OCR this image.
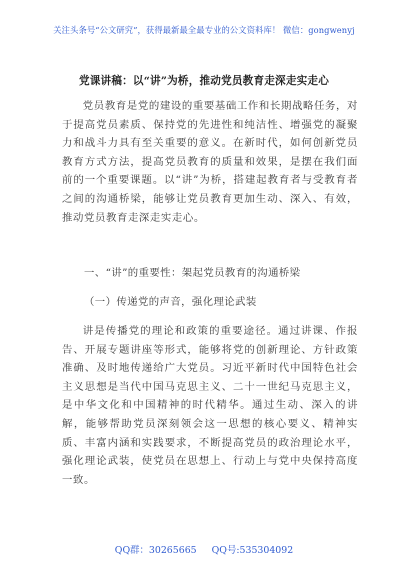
关注头条号“公文研究”，获得最新最全最专业的公文资料库！ 微信：gongwenyj
党课讲稿：以“讲”为桥，推动党员教育走深走实走心

党员教育是党的建设的重要基础工作和长期战略任务，对于提高党员素质、保持党的先进性和纯洁性、增强党的凝聚力和战斗力具有至关重要的意义。在新时代，如何创新党员教育方式方法，提高党员教育的质量和效果，是摆在我们面前的一个重要课题。以“讲”为桥，搭建起教育者与受教育者之间的沟通桥梁，能够让党员教育更加生动、深入、有效，推动党员教育走深走实走心。

一、“讲”的重要性：架起党员教育的沟通桥梁
（一）传递党的声音，强化理论武装

讲是传播党的理论和政策的重要途径。通过讲课、作报告、开展专题讲座等形式，能够将党的创新理论、方针政策准确、及时地传递给广大党员。习近平新时代中国特色社会主义思想是当代中国马克思主义、二十一世纪马克思主义，是中华文化和中国精神的时代精华。通过生动、深入的讲解，能够帮助党员深刻领会这一思想的核心要义、精神实质、丰富内涵和实践要求，不断提高党员的政治理论水平，强化理论武装，使党员在思想上、行动上与党中央保持高度一致。

QQ群：30265665 QQ号:535304092
